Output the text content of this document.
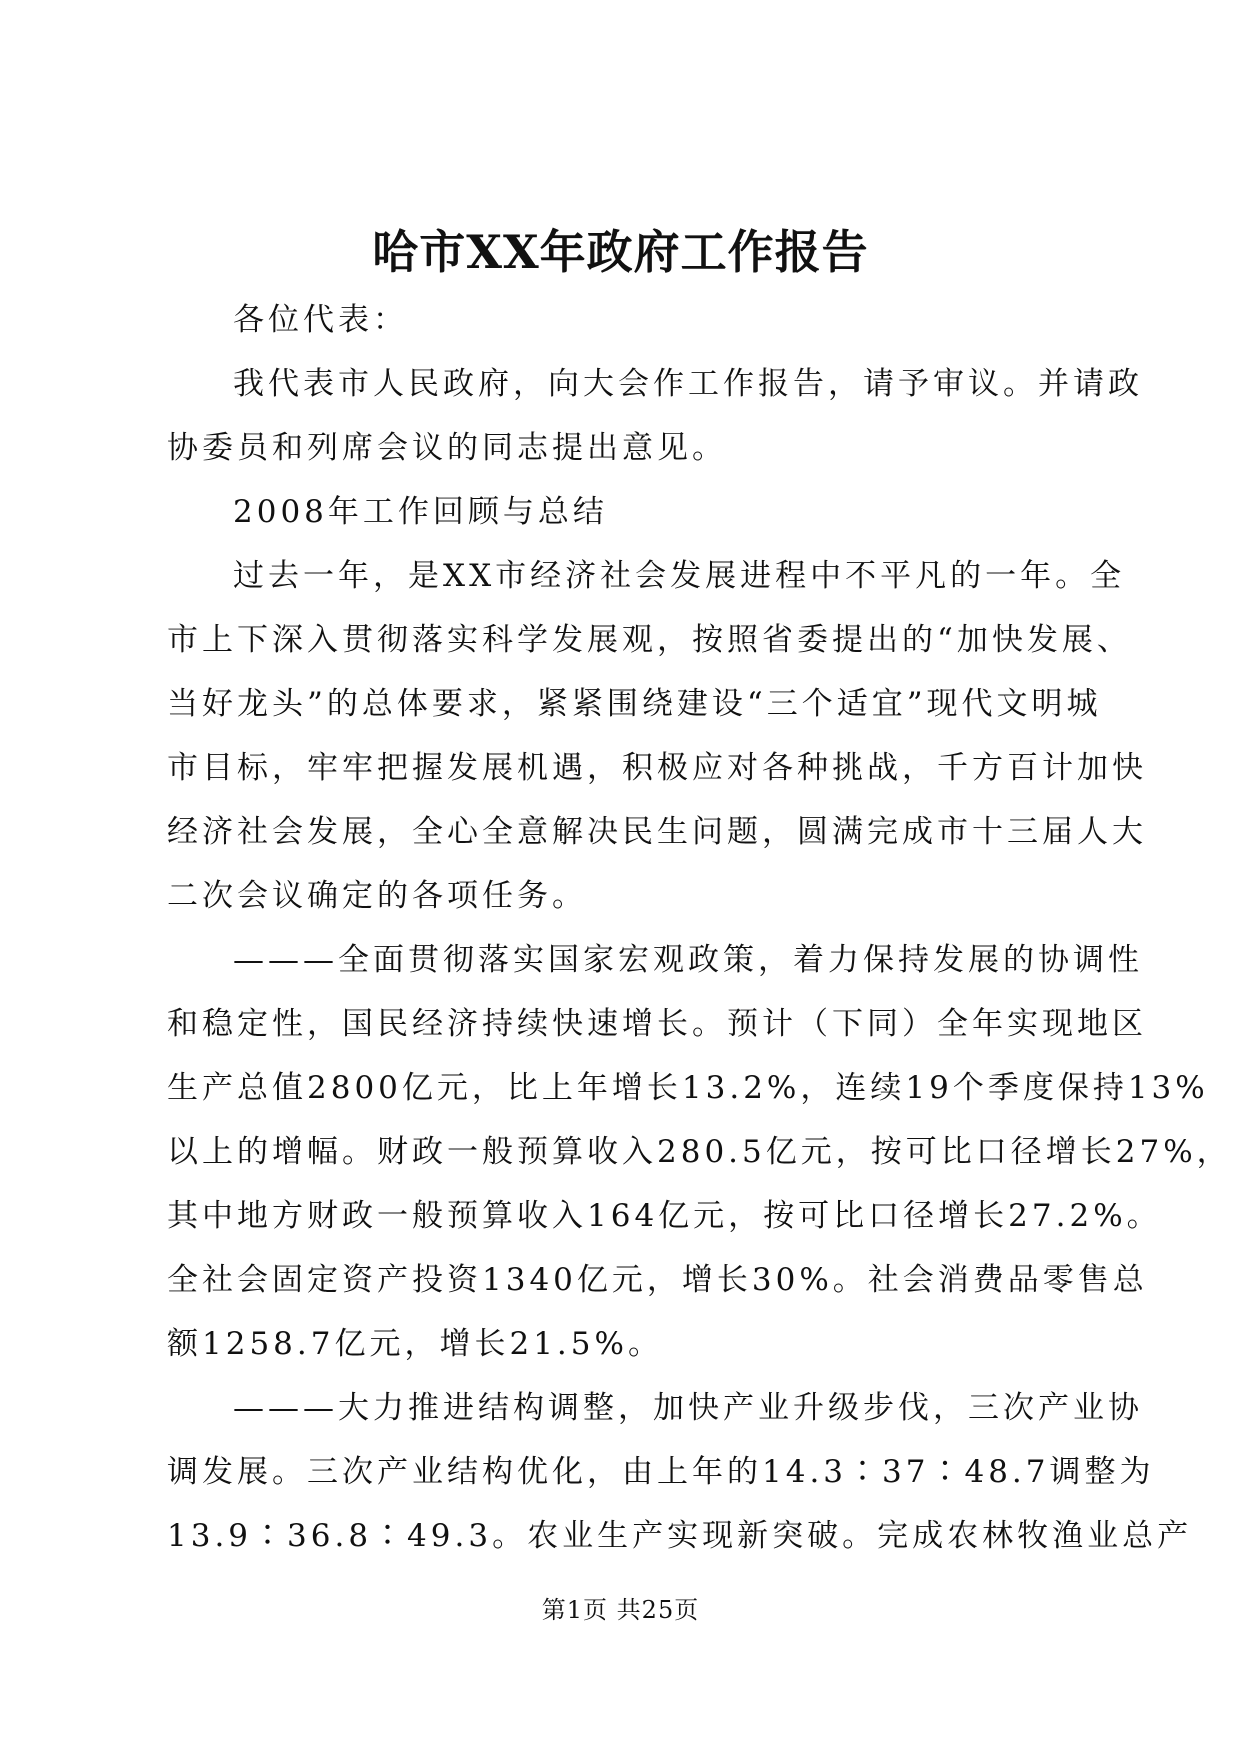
哈市XX年政府工作报告
各位代表：
我代表市人民政府，向大会作工作报告，请予审议。并请政
协委员和列席会议的同志提出意见。
2008年工作回顾与总结
过去一年，是XX市经济社会发展进程中不平凡的一年。全
市上下深入贯彻落实科学发展观，按照省委提出的“加快发展、
当好龙头”的总体要求，紧紧围绕建设“三个适宜”现代文明城
市目标，牢牢把握发展机遇，积极应对各种挑战，千方百计加快
经济社会发展，全心全意解决民生问题，圆满完成市十三届人大
二次会议确定的各项任务。
———全面贯彻落实国家宏观政策，着力保持发展的协调性
和稳定性，国民经济持续快速增长。预计（下同）全年实现地区
生产总值2800亿元，比上年增长13.2%，连续19个季度保持13%
以上的增幅。财政一般预算收入280.5亿元，按可比口径增长27%，
其中地方财政一般预算收入164亿元，按可比口径增长27.2%。
全社会固定资产投资1340亿元，增长30%。社会消费品零售总
额1258.7亿元，增长21.5%。
———大力推进结构调整，加快产业升级步伐，三次产业协
调发展。三次产业结构优化，由上年的14.3∶37∶48.7调整为
13.9∶36.8∶49.3。农业生产实现新突破。完成农林牧渔业总产
第1页 共25页
